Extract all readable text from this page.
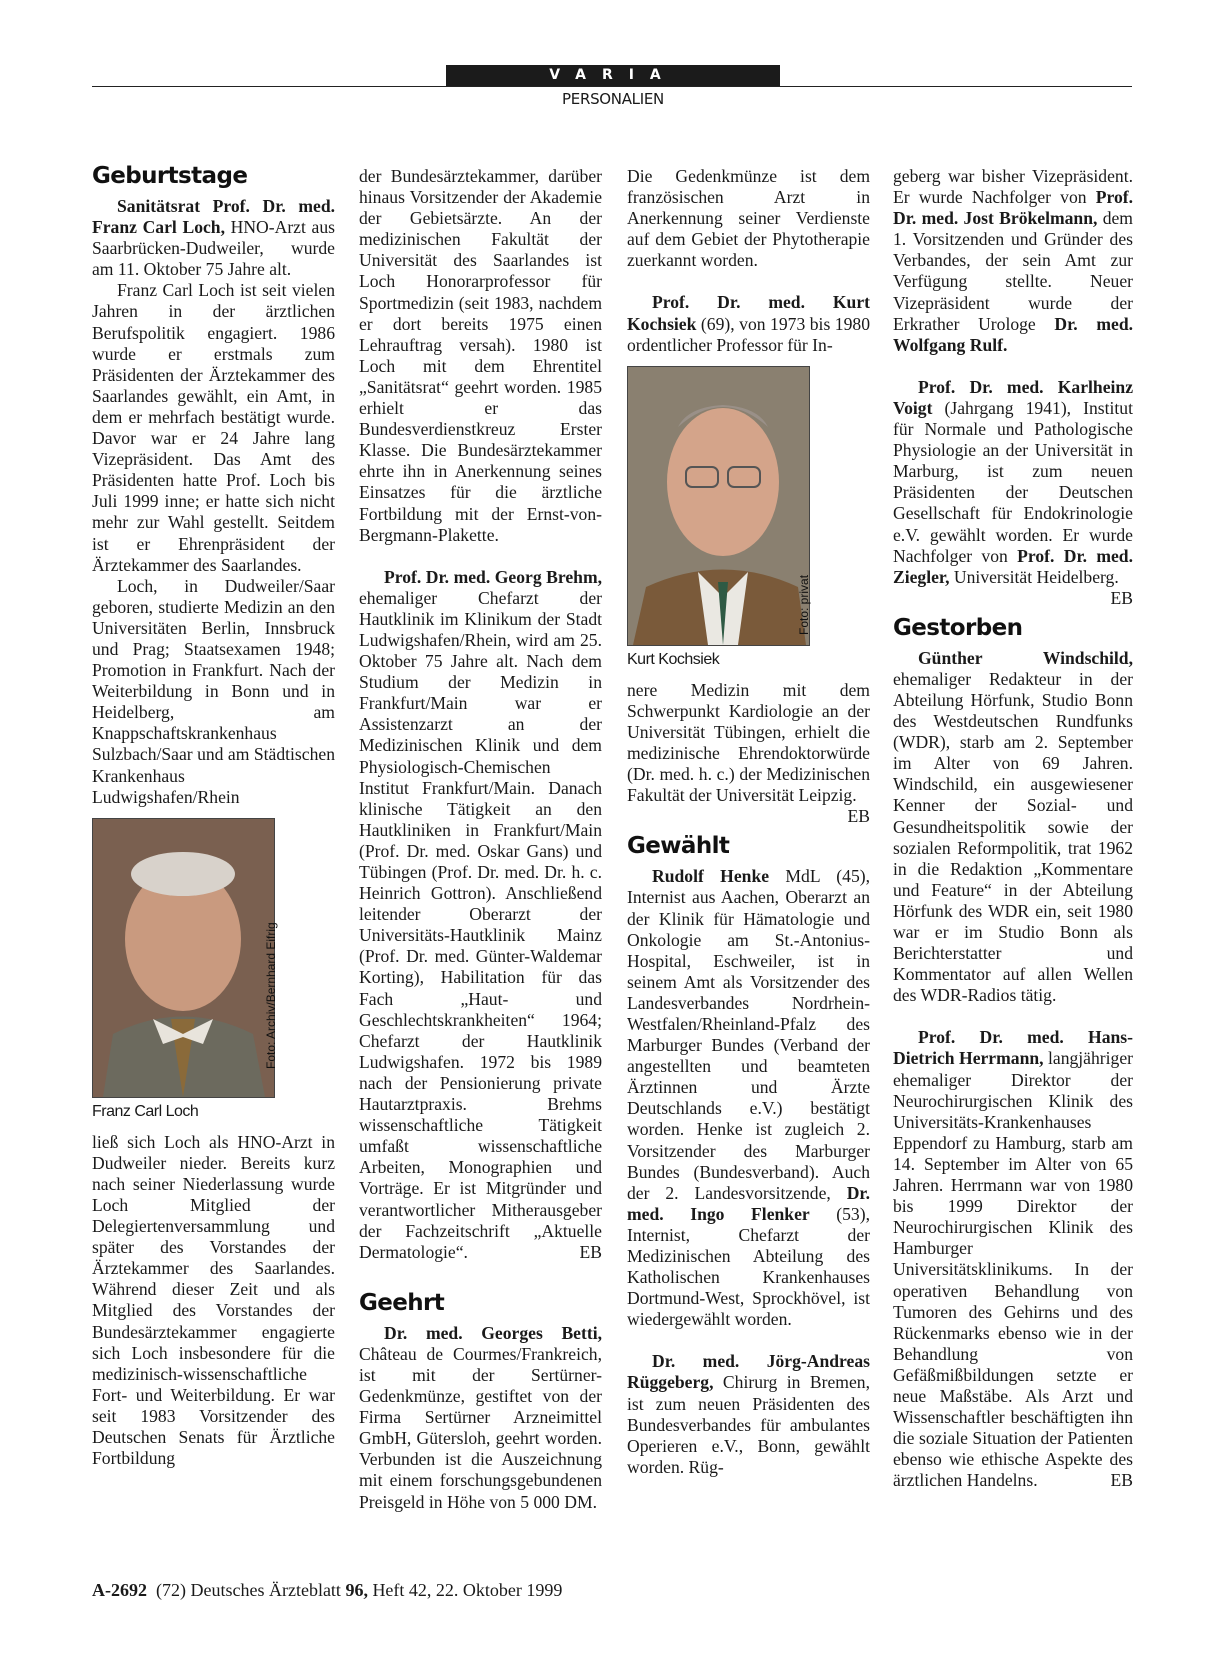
VARIA
PERSONALIEN
Geburtstage

Sanitätsrat Prof. Dr. med. Franz Carl Loch, HNO-Arzt aus Saarbrücken-Dudweiler, wurde am 11. Oktober 75 Jahre alt.

Franz Carl Loch ist seit vielen Jahren in der ärztlichen Berufspolitik engagiert. 1986 wurde er erstmals zum Präsidenten der Ärztekammer des Saarlandes gewählt, ein Amt, in dem er mehrfach bestätigt wurde. Davor war er 24 Jahre lang Vizepräsident. Das Amt des Präsidenten hatte Prof. Loch bis Juli 1999 inne; er hatte sich nicht mehr zur Wahl gestellt. Seitdem ist er Ehrenpräsident der Ärztekammer des Saarlandes.

Loch, in Dudweiler/Saar geboren, studierte Medizin an den Universitäten Berlin, Innsbruck und Prag; Staatsexamen 1948; Promotion in Frankfurt. Nach der Weiterbildung in Bonn und in Heidelberg, am Knappschaftskrankenhaus Sulzbach/Saar und am Städtischen Krankenhaus Ludwigshafen/Rhein

Foto: Archiv/Bernhard Eifrig
Franz Carl Loch

ließ sich Loch als HNO-Arzt in Dudweiler nieder. Bereits kurz nach seiner Niederlassung wurde Loch Mitglied der Delegiertenversammlung und später des Vorstandes der Ärztekammer des Saarlandes. Während dieser Zeit und als Mitglied des Vorstandes der Bundesärztekammer engagierte sich Loch insbesondere für die medizinisch-wissenschaftliche Fort- und Weiterbildung. Er war seit 1983 Vorsitzender des Deutschen Senats für Ärztliche Fortbildung

der Bundesärztekammer, darüber hinaus Vorsitzender der Akademie der Gebietsärzte. An der medizinischen Fakultät der Universität des Saarlandes ist Loch Honorarprofessor für Sportmedizin (seit 1983, nachdem er dort bereits 1975 einen Lehrauftrag versah). 1980 ist Loch mit dem Ehrentitel „Sanitätsrat“ geehrt worden. 1985 erhielt er das Bundesverdienstkreuz Erster Klasse. Die Bundesärztekammer ehrte ihn in Anerkennung seines Einsatzes für die ärztliche Fortbildung mit der Ernst-von-Bergmann-Plakette.

Prof. Dr. med. Georg Brehm, ehemaliger Chefarzt der Hautklinik im Klinikum der Stadt Ludwigshafen/Rhein, wird am 25. Oktober 75 Jahre alt. Nach dem Studium der Medizin in Frankfurt/Main war er Assistenzarzt an der Medizinischen Klinik und dem Physiologisch-Chemischen Institut Frankfurt/Main. Danach klinische Tätigkeit an den Hautkliniken in Frankfurt/Main (Prof. Dr. med. Oskar Gans) und Tübingen (Prof. Dr. med. Dr. h. c. Heinrich Gottron). Anschließend leitender Oberarzt der Universitäts-Hautklinik Mainz (Prof. Dr. med. Günter-Waldemar Korting), Habilitation für das Fach „Haut- und Geschlechtskrankheiten“ 1964; Chefarzt der Hautklinik Ludwigshafen. 1972 bis 1989 nach der Pensionierung private Hautarztpraxis. Brehms wissenschaftliche Tätigkeit umfaßt wissenschaftliche Arbeiten, Monographien und Vorträge. Er ist Mitgründer und verantwortlicher Mitherausgeber der Fachzeitschrift „Aktuelle Dermatologie“.	EB

Geehrt

Dr. med. Georges Betti, Château de Courmes/Frankreich, ist mit der Sertürner-Gedenkmünze, gestiftet von der Firma Sertürner Arzneimittel GmbH, Gütersloh, geehrt worden. Verbunden ist die Auszeichnung mit einem forschungsgebundenen Preisgeld in Höhe von 5 000 DM.

Die Gedenkmünze ist dem französischen Arzt in Anerkennung seiner Verdienste auf dem Gebiet der Phytotherapie zuerkannt worden.

Prof. Dr. med. Kurt Kochsiek (69), von 1973 bis 1980 ordentlicher Professor für In-

Foto: privat
Kurt Kochsiek

nere Medizin mit dem Schwerpunkt Kardiologie an der Universität Tübingen, erhielt die medizinische Ehrendoktorwürde (Dr. med. h. c.) der Medizinischen Fakultät der Universität Leipzig.
EB

Gewählt

Rudolf Henke MdL (45), Internist aus Aachen, Oberarzt an der Klinik für Hämatologie und Onkologie am St.-Antonius-Hospital, Eschweiler, ist in seinem Amt als Vorsitzender des Landesverbandes Nordrhein-Westfalen/Rheinland-Pfalz des Marburger Bundes (Verband der angestellten und beamteten Ärztinnen und Ärzte Deutschlands e.V.) bestätigt worden. Henke ist zugleich 2. Vorsitzender des Marburger Bundes (Bundesverband). Auch der 2. Landesvorsitzende, Dr. med. Ingo Flenker (53), Internist, Chefarzt der Medizinischen Abteilung des Katholischen Krankenhauses Dortmund-West, Sprockhövel, ist wiedergewählt worden.

Dr. med. Jörg-Andreas Rüggeberg, Chirurg in Bremen, ist zum neuen Präsidenten des Bundesverbandes für ambulantes Operieren e.V., Bonn, gewählt worden. Rüg-

geberg war bisher Vizepräsident. Er wurde Nachfolger von Prof. Dr. med. Jost Brökelmann, dem 1. Vorsitzenden und Gründer des Verbandes, der sein Amt zur Verfügung stellte. Neuer Vizepräsident wurde der Erkrather Urologe Dr. med. Wolfgang Rulf.

Prof. Dr. med. Karlheinz Voigt (Jahrgang 1941), Institut für Normale und Pathologische Physiologie an der Universität in Marburg, ist zum neuen Präsidenten der Deutschen Gesellschaft für Endokrinologie e.V. gewählt worden. Er wurde Nachfolger von Prof. Dr. med. Ziegler, Universität Heidelberg.
EB

Gestorben

Günther Windschild, ehemaliger Redakteur in der Abteilung Hörfunk, Studio Bonn des Westdeutschen Rundfunks (WDR), starb am 2. September im Alter von 69 Jahren. Windschild, ein ausgewiesener Kenner der Sozial- und Gesundheitspolitik sowie der sozialen Reformpolitik, trat 1962 in die Redaktion „Kommentare und Feature“ in der Abteilung Hörfunk des WDR ein, seit 1980 war er im Studio Bonn als Berichterstatter und Kommentator auf allen Wellen des WDR-Radios tätig.

Prof. Dr. med. Hans-Dietrich Herrmann, langjähriger ehemaliger Direktor der Neurochirurgischen Klinik des Universitäts-Krankenhauses Eppendorf zu Hamburg, starb am 14. September im Alter von 65 Jahren. Herrmann war von 1980 bis 1999 Direktor der Neurochirurgischen Klinik des Hamburger Universitätsklinikums. In der operativen Behandlung von Tumoren des Gehirns und des Rückenmarks ebenso wie in der Behandlung von Gefäßmißbildungen setzte er neue Maßstäbe. Als Arzt und Wissenschaftler beschäftigten ihn die soziale Situation der Patienten ebenso wie ethische Aspekte des ärztlichen Handelns.	EB

A-2692 (72) Deutsches Ärzteblatt 96, Heft 42, 22. Oktober 1999
